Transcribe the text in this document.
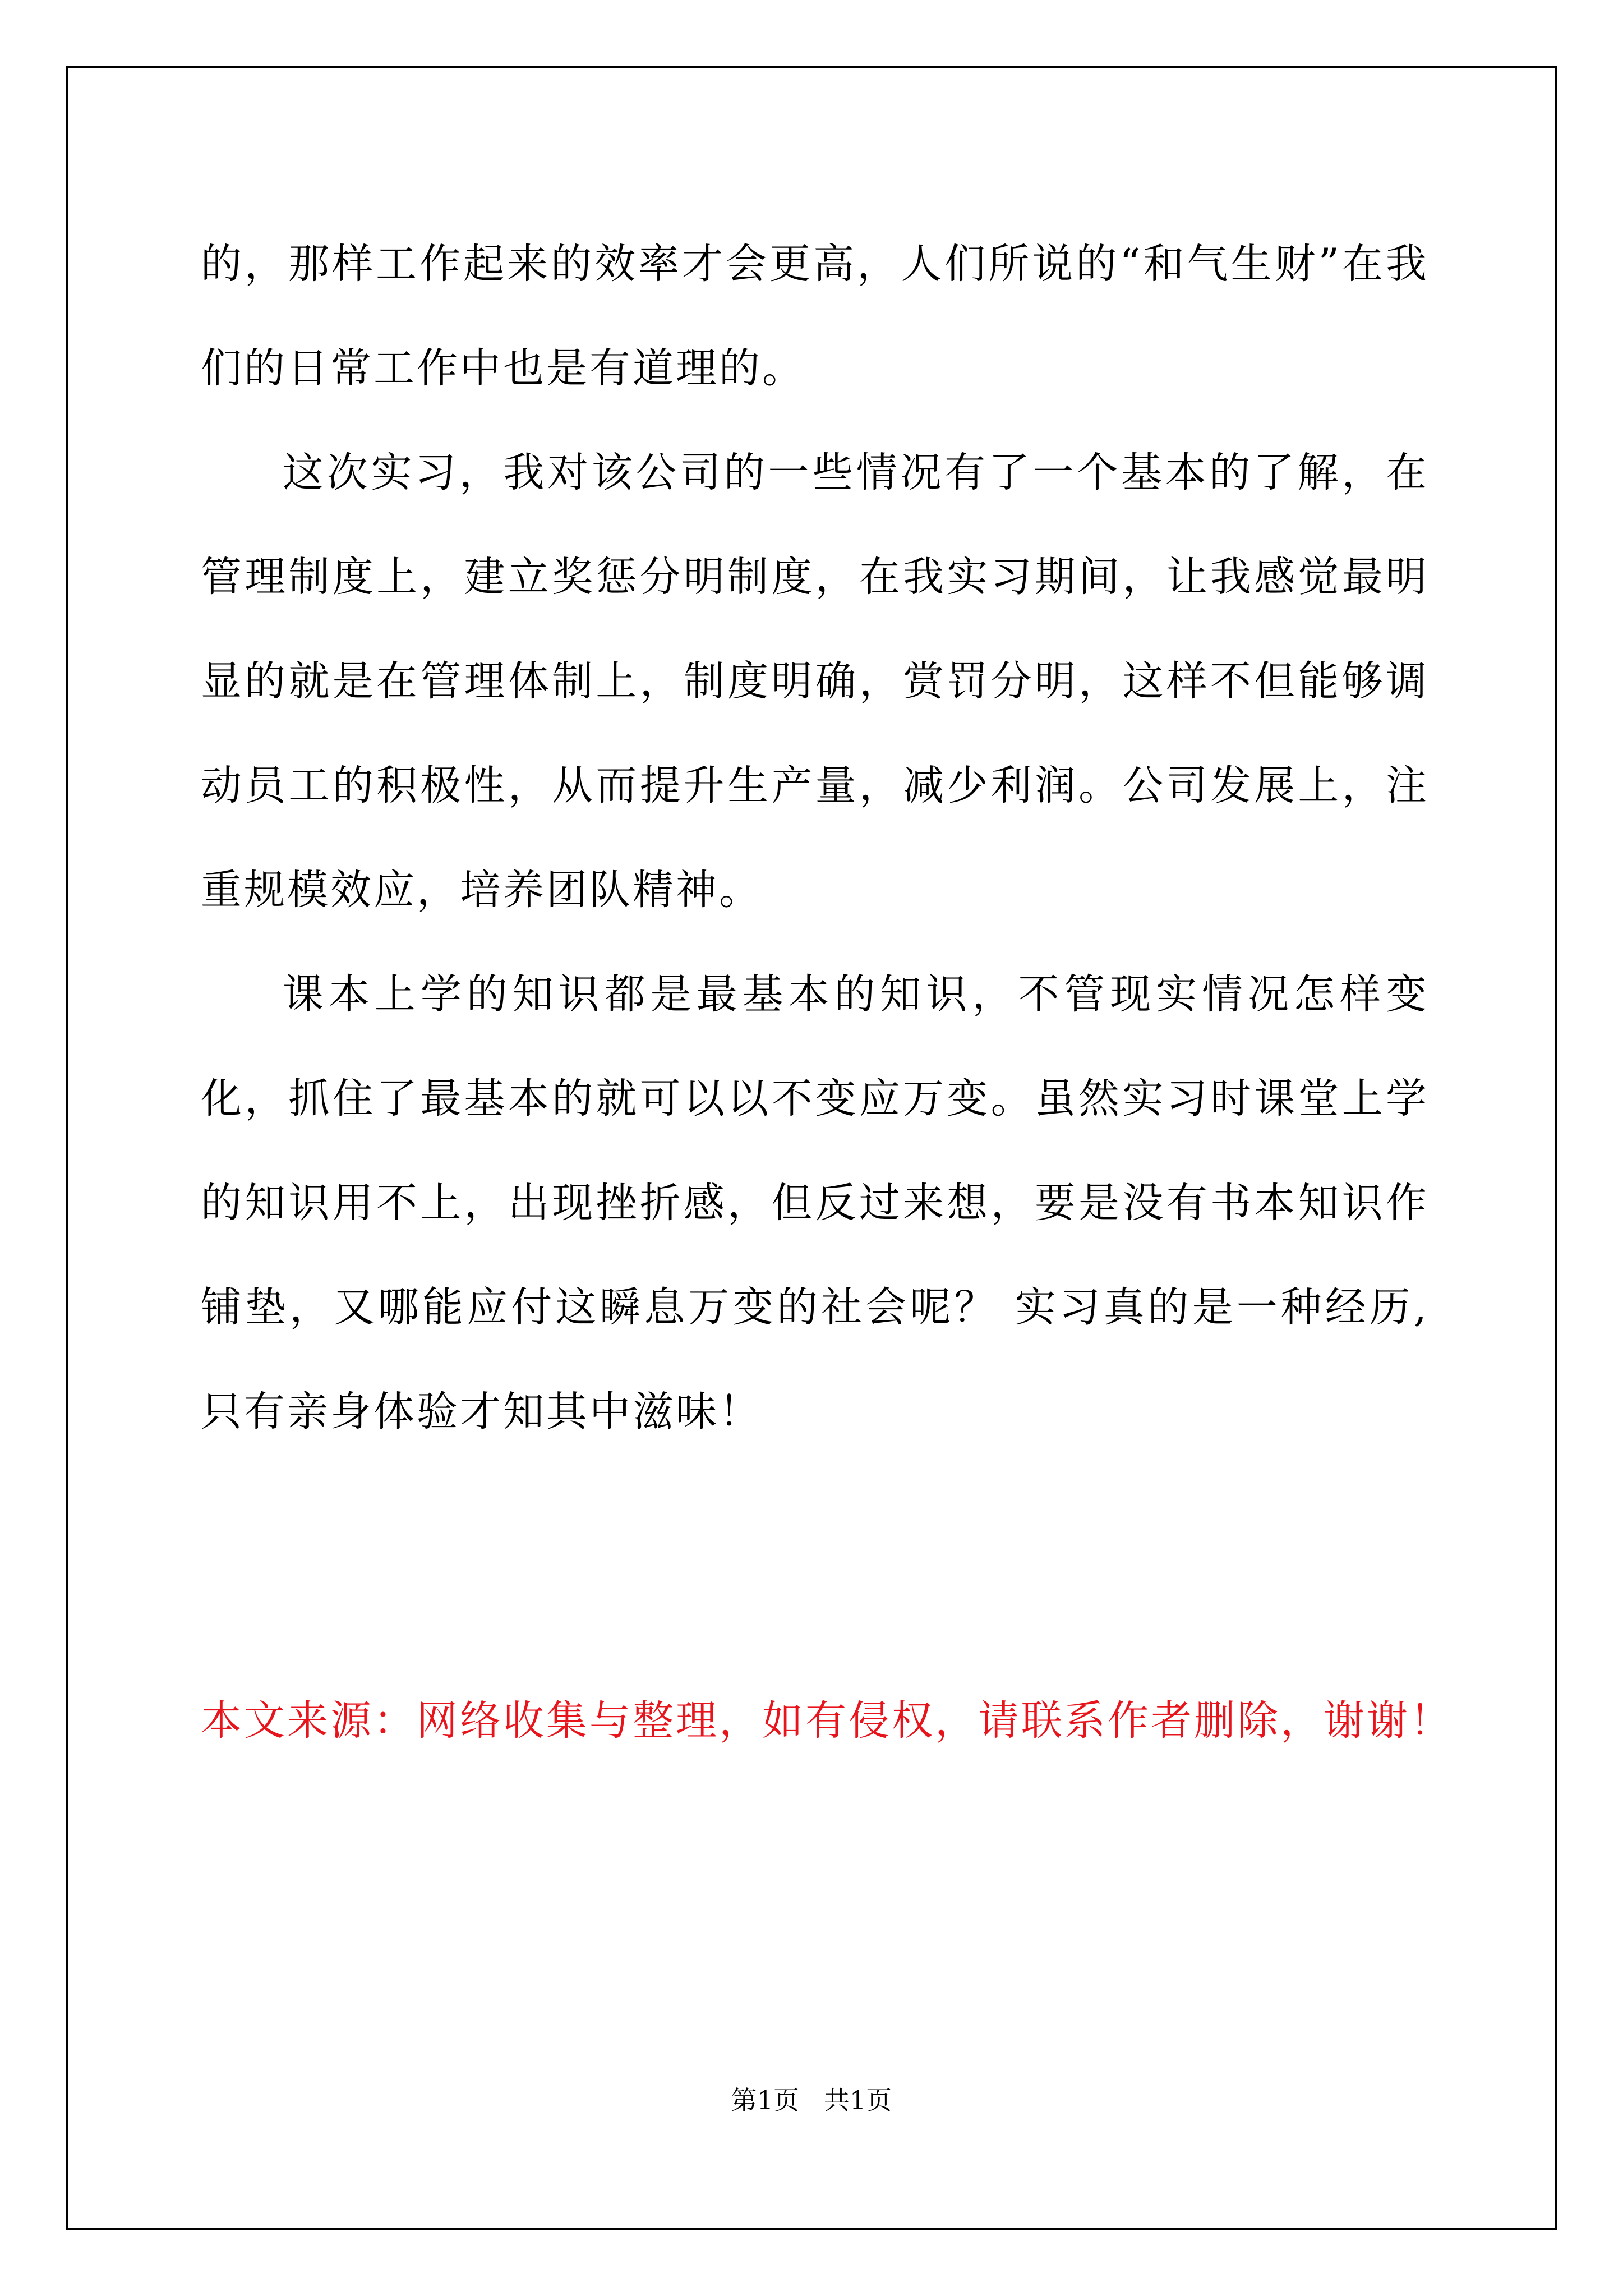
的，那样工作起来的效率才会更高，人们所说的“和气生财”在我们的日常工作中也是有道理的。

这次实习，我对该公司的一些情况有了一个基本的了解，在管理制度上，建立奖惩分明制度，在我实习期间，让我感觉最明显的就是在管理体制上，制度明确，赏罚分明，这样不但能够调动员工的积极性，从而提升生产量，减少利润。公司发展上，注重规模效应，培养团队精神。

课本上学的知识都是最基本的知识，不管现实情况怎样变化，抓住了最基本的就可以以不变应万变。虽然实习时课堂上学的知识用不上，出现挫折感，但反过来想，要是没有书本知识作铺垫，又哪能应付这瞬息万变的社会呢？ 实习真的是一种经历,只有亲身体验才知其中滋味！

本文来源：网络收集与整理，如有侵权，请联系作者删除，谢谢！
第1页 共1页
